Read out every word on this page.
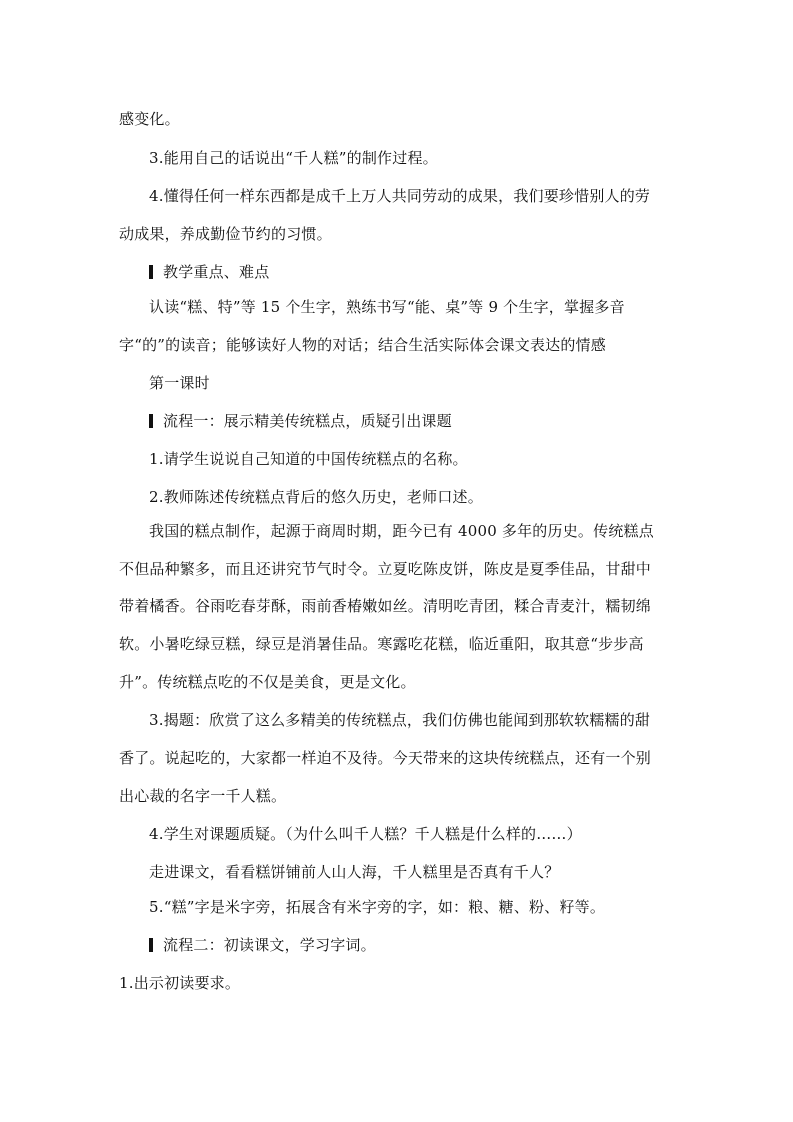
感变化。
3.能用自己的话说出“千人糕”的制作过程。
4.懂得任何一样东西都是成千上万人共同劳动的成果，我们要珍惜别人的劳
动成果，养成勤俭节约的习惯。
教学重点、难点
认读“糕、特”等 15 个生字，熟练书写“能、桌”等 9 个生字，掌握多音
字“的”的读音；能够读好人物的对话；结合生活实际体会课文表达的情感
第一课时
流程一：展示精美传统糕点，质疑引出课题
1.请学生说说自己知道的中国传统糕点的名称。
2.教师陈述传统糕点背后的悠久历史，老师口述。
我国的糕点制作，起源于商周时期，距今已有 4000 多年的历史。传统糕点
不但品种繁多，而且还讲究节气时令。立夏吃陈皮饼，陈皮是夏季佳品，甘甜中
带着橘香。谷雨吃春芽酥，雨前香椿嫩如丝。清明吃青团，糅合青麦汁，糯韧绵
软。小暑吃绿豆糕，绿豆是消暑佳品。寒露吃花糕，临近重阳，取其意“步步高
升”。传统糕点吃的不仅是美食，更是文化。
3.揭题：欣赏了这么多精美的传统糕点，我们仿佛也能闻到那软软糯糯的甜
香了。说起吃的，大家都一样迫不及待。今天带来的这块传统糕点，还有一个别
出心裁的名字一千人糕。
4.学生对课题质疑。（为什么叫千人糕？千人糕是什么样的……）
走进课文，看看糕饼铺前人山人海，千人糕里是否真有千人？
5.“糕”字是米字旁，拓展含有米字旁的字，如：粮、糖、粉、籽等。
流程二：初读课文，学习字词。
1.出示初读要求。
